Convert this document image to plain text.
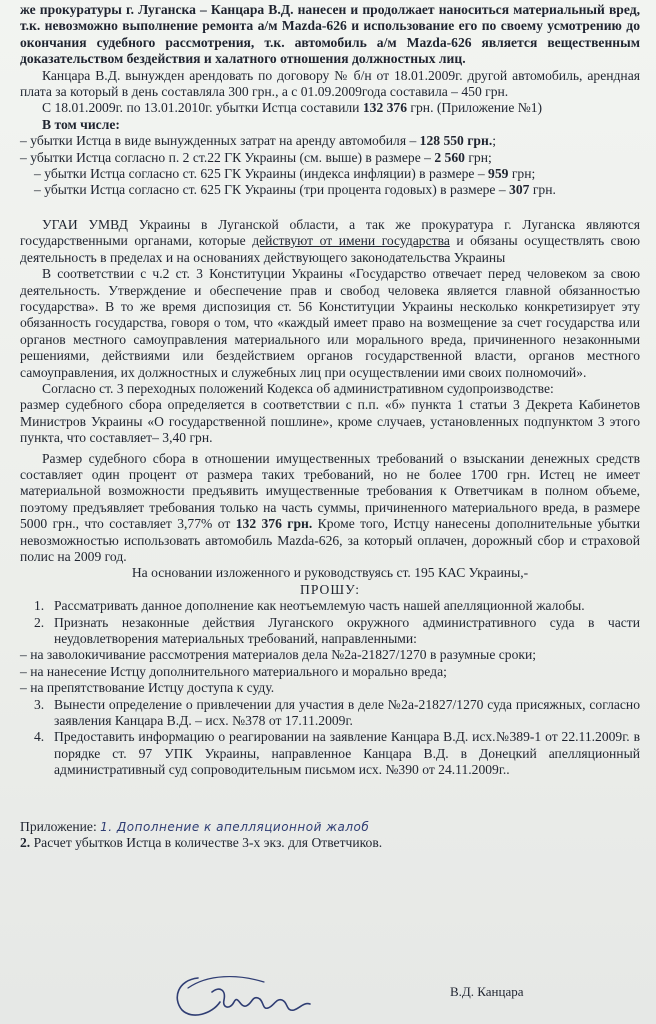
же прокуратуры г. Луганска – Канцара В.Д. нанесен и продолжает наноситься материальный вред, т.к. невозможно выполнение ремонта а/м Mazda-626 и использование его по своему усмотрению до окончания судебного рассмотрения, т.к. автомобиль а/м Mazda-626 является вещественным доказательством бездействия и халатного отношения должностных лиц.

Канцара В.Д. вынужден арендовать по договору № б/н от 18.01.2009г. другой автомобиль, арендная плата за который в день составляла 300 грн., а с 01.09.2009года составила – 450 грн.

С 18.01.2009г. по 13.01.2010г. убытки Истца составили 132 376 грн. (Приложение №1)

В том числе:

– убытки Истца в виде вынужденных затрат на аренду автомобиля – 128 550 грн.;

– убытки Истца согласно п. 2 ст.22 ГК Украины (см. выше) в размере – 2 560 грн;

– убытки Истца согласно ст. 625 ГК Украины (индекса инфляции) в размере – 959 грн;

– убытки Истца согласно ст. 625 ГК Украины (три процента годовых) в размере – 307 грн.

УГАИ УМВД Украины в Луганской области, а так же прокуратура г. Луганска являются государственными органами, которые действуют от имени государства и обязаны осуществлять свою деятельность в пределах и на основаниях действующего законодательства Украины

В соответствии с ч.2 ст. 3 Конституции Украины «Государство отвечает перед человеком за свою деятельность. Утверждение и обеспечение прав и свобод человека является главной обязанностью государства». В то же время диспозиция ст. 56 Конституции Украины несколько конкретизирует эту обязанность государства, говоря о том, что «каждый имеет право на возмещение за счет государства или органов местного самоуправления материального или морального вреда, причиненного незаконными решениями, действиями или бездействием органов государственной власти, органов местного самоуправления, их должностных и служебных лиц при осуществлении ими своих полномочий».

Согласно ст. 3 переходных положений Кодекса об административном судопроизводстве:

размер судебного сбора определяется в соответствии с п.п. «б» пункта 1 статьи 3 Декрета Кабинетов Министров Украины «О государственной пошлине», кроме случаев, установленных подпунктом 3 этого пункта, что составляет– 3,40 грн.

Размер судебного сбора в отношении имущественных требований о взыскании денежных средств составляет один процент от размера таких требований, но не более 1700 грн. Истец не имеет материальной возможности предъявить имущественные требования к Ответчикам в полном объеме, поэтому предъявляет требования только на часть суммы, причиненного материального вреда, в размере 5000 грн., что составляет 3,77% от 132 376 грн. Кроме того, Истцу нанесены дополнительные убытки невозможностью использовать автомобиль Mazda-626, за который оплачен, дорожный сбор и страховой полис на 2009 год.

На основании изложенного и руководствуясь ст. 195 КАС Украины,-

ПРОШУ:

1. Рассматривать данное дополнение как неотъемлемую часть нашей апелляционной жалобы.
2. Признать незаконные действия Луганского окружного административного суда в части неудовлетворения материальных требований, направленными:

– на заволокичивание рассмотрения материалов дела №2а-21827/1270 в разумные сроки;

– на нанесение Истцу дополнительного материального и морально вреда;

– на препятствование Истцу доступа к суду.

3. Вынести определение о привлечении для участия в деле №2а-21827/1270 суда присяжных, согласно заявления Канцара В.Д. – исх. №378 от 17.11.2009г.
4. Предоставить информацию о реагировании на заявление Канцара В.Д. исх.№389-1 от 22.11.2009г. в порядке ст. 97 УПК Украины, направленное Канцара В.Д. в Донецкий апелляционный административный суд сопроводительным письмом исх. №390 от 24.11.2009г..

Приложение: 1. Дополнение к апелляционной жалоб

2. Расчет убытков Истца в количестве 3-х экз. для Ответчиков.

В.Д. Канцара
